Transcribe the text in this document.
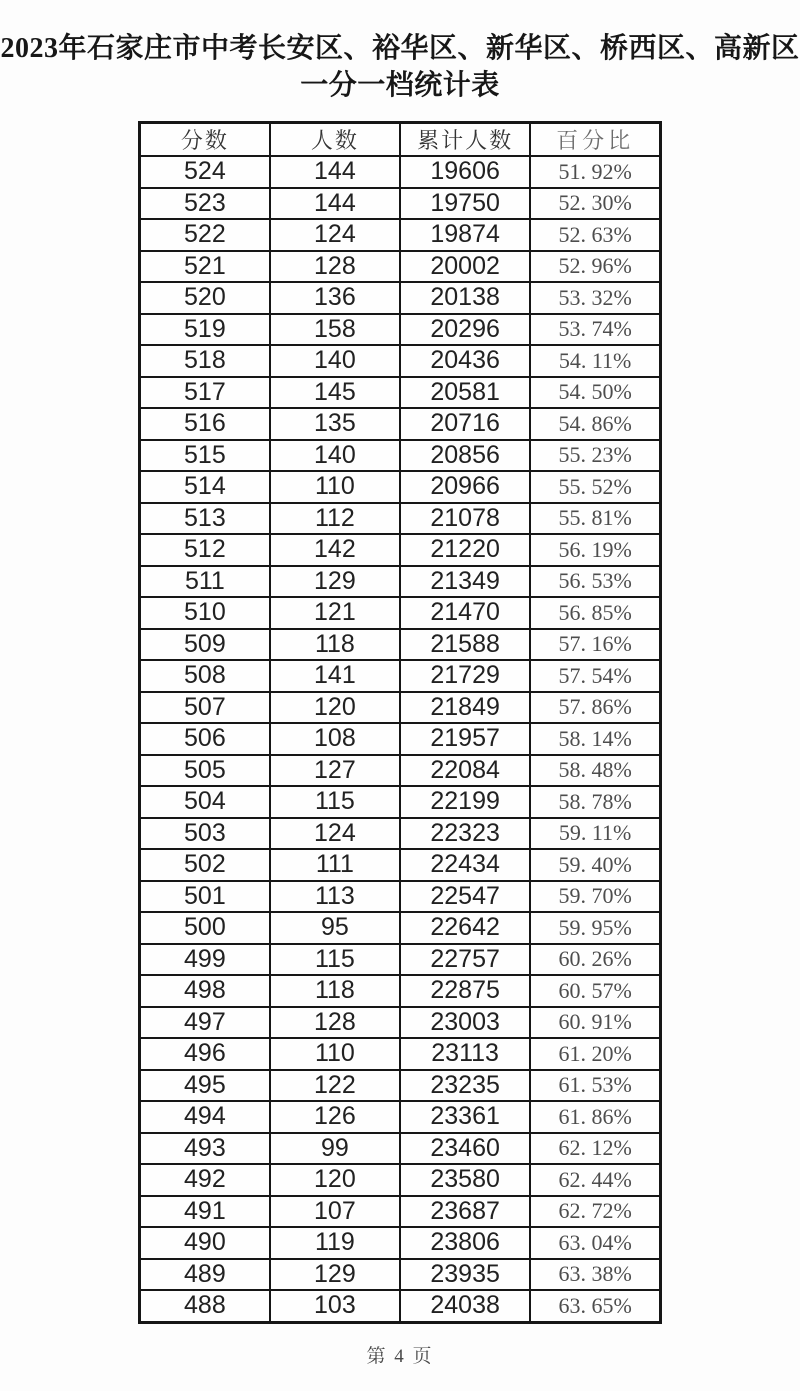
2023年石家庄市中考长安区、裕华区、新华区、桥西区、高新区
一分一档统计表
分数	人数	累计人数	百分比
524	144	19606	51. 92%
523	144	19750	52. 30%
522	124	19874	52. 63%
521	128	20002	52. 96%
520	136	20138	53. 32%
519	158	20296	53. 74%
518	140	20436	54. 11%
517	145	20581	54. 50%
516	135	20716	54. 86%
515	140	20856	55. 23%
514	110	20966	55. 52%
513	112	21078	55. 81%
512	142	21220	56. 19%
511	129	21349	56. 53%
510	121	21470	56. 85%
509	118	21588	57. 16%
508	141	21729	57. 54%
507	120	21849	57. 86%
506	108	21957	58. 14%
505	127	22084	58. 48%
504	115	22199	58. 78%
503	124	22323	59. 11%
502	111	22434	59. 40%
501	113	22547	59. 70%
500	95	22642	59. 95%
499	115	22757	60. 26%
498	118	22875	60. 57%
497	128	23003	60. 91%
496	110	23113	61. 20%
495	122	23235	61. 53%
494	126	23361	61. 86%
493	99	23460	62. 12%
492	120	23580	62. 44%
491	107	23687	62. 72%
490	119	23806	63. 04%
489	129	23935	63. 38%
488	103	24038	63. 65%
第 4 页
